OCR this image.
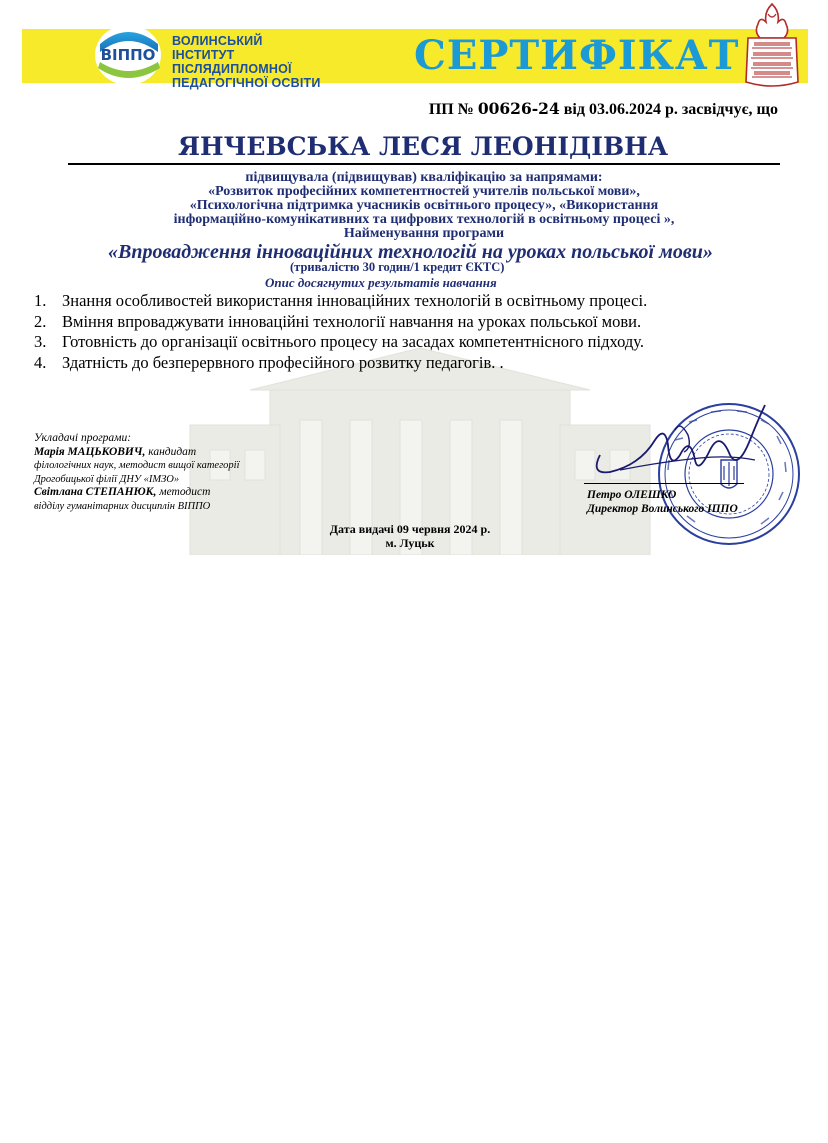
ВІППО
ВОЛИНСЬКИЙ ІНСТИТУТ
ПІСЛЯДИПЛОМНОЇ
ПЕДАГОГІЧНОЇ ОСВІТИ
СЕРТИФІКАТ
ПП № 00626-24 від 03.06.2024 р. засвідчує, що
ЯНЧЕВСЬКА ЛЕСЯ ЛЕОНІДІВНА
підвищувала (підвищував) кваліфікацію за напрямами:
«Розвиток професійних компетентностей учителів польської мови»,
«Психологічна підтримка учасників освітнього процесу», «Використання
інформаційно-комунікативних та цифрових технологій в освітньому процесі »,
Найменування програми
«Впровадження інноваційних технологій на уроках польської мови»
(тривалістю 30 годин/1 кредит ЄКТС)
Опис досягнутих результатів навчання
1. Знання особливостей використання інноваційних технологій в освітньому процесі.
2. Вміння впроваджувати інноваційні технології навчання на уроках польської мови.
3. Готовність до організації освітнього процесу на засадах компетентнісного підходу.
4. Здатність до безперервного професійного розвитку педагогів. .
Укладачі програми:
Марія МАЦЬКОВИЧ, кандидат
філологічних наук, методист вищої категорії
Дрогобицької філії ДНУ «ІМЗО»
Світлана СТЕПАНЮК, методист
відділу гуманітарних дисциплін ВІППО
Петро ОЛЕШКО
Директор Волинського ІППО
Дата видачі 09 червня 2024 р.
м. Луцьк
